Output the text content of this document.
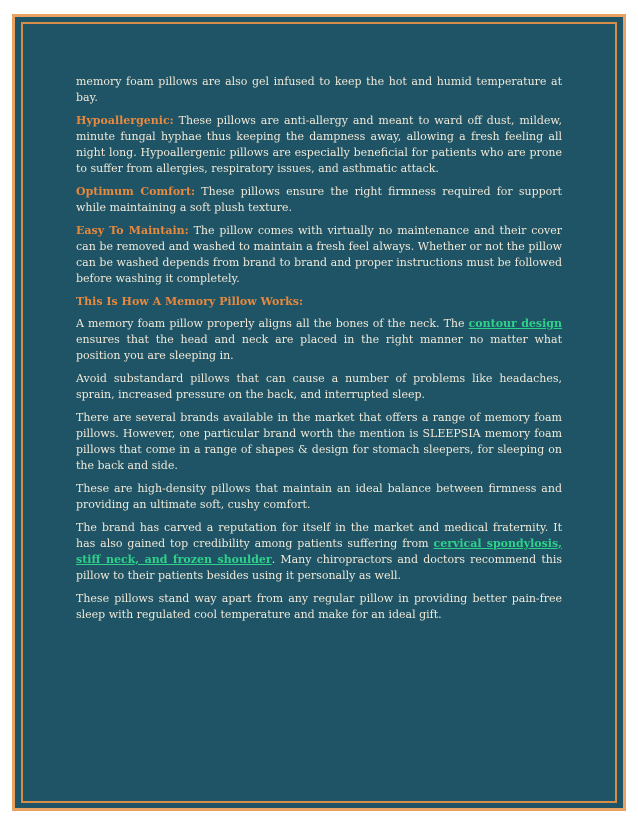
memory foam pillows are also gel infused to keep the hot and humid temperature at bay.

Hypoallergenic: These pillows are anti-allergy and meant to ward off dust, mildew, minute fungal hyphae thus keeping the dampness away, allowing a fresh feeling all night long. Hypoallergenic pillows are especially beneficial for patients who are prone to suffer from allergies, respiratory issues, and asthmatic attack.

Optimum Comfort: These pillows ensure the right firmness required for support while maintaining a soft plush texture.

Easy To Maintain: The pillow comes with virtually no maintenance and their cover can be removed and washed to maintain a fresh feel always. Whether or not the pillow can be washed depends from brand to brand and proper instructions must be followed before washing it completely.

This Is How A Memory Pillow Works:

A memory foam pillow properly aligns all the bones of the neck. The contour design ensures that the head and neck are placed in the right manner no matter what position you are sleeping in.

Avoid substandard pillows that can cause a number of problems like headaches, sprain, increased pressure on the back, and interrupted sleep.

There are several brands available in the market that offers a range of memory foam pillows. However, one particular brand worth the mention is SLEEPSIA memory foam pillows that come in a range of shapes & design for stomach sleepers, for sleeping on the back and side.

These are high-density pillows that maintain an ideal balance between firmness and providing an ultimate soft, cushy comfort.

The brand has carved a reputation for itself in the market and medical fraternity. It has also gained top credibility among patients suffering from cervical spondylosis, stiff neck, and frozen shoulder. Many chiropractors and doctors recommend this pillow to their patients besides using it personally as well.

These pillows stand way apart from any regular pillow in providing better pain-free sleep with regulated cool temperature and make for an ideal gift.
